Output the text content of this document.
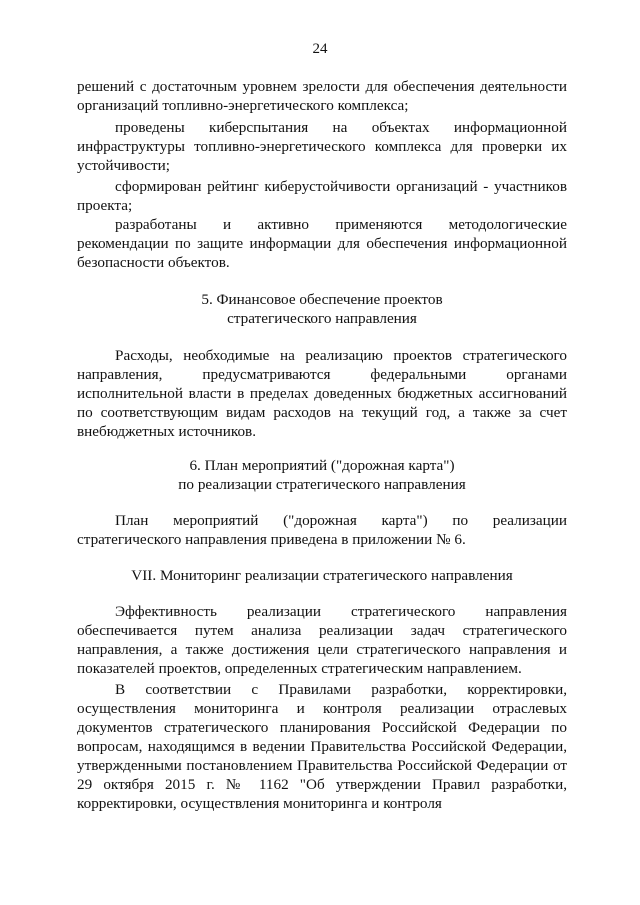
24
решений с достаточным уровнем зрелости для обеспечения деятельности организаций топливно-энергетического комплекса;
проведены киберспытания на объектах информационной инфраструктуры топливно-энергетического комплекса для проверки их устойчивости;
сформирован рейтинг киберустойчивости организаций - участников проекта;
разработаны и активно применяются методологические рекомендации по защите информации для обеспечения информационной безопасности объектов.
5. Финансовое обеспечение проектов
стратегического направления
Расходы, необходимые на реализацию проектов стратегического направления, предусматриваются федеральными органами исполнительной власти в пределах доведенных бюджетных ассигнований по соответствующим видам расходов на текущий год, а также за счет внебюджетных источников.
6. План мероприятий ("дорожная карта")
по реализации стратегического направления
План мероприятий ("дорожная карта") по реализации стратегического направления приведена в приложении № 6.
VII. Мониторинг реализации стратегического направления
Эффективность реализации стратегического направления обеспечивается путем анализа реализации задач стратегического направления, а также достижения цели стратегического направления и показателей проектов, определенных стратегическим направлением.
В соответствии с Правилами разработки, корректировки, осуществления мониторинга и контроля реализации отраслевых документов стратегического планирования Российской Федерации по вопросам, находящимся в ведении Правительства Российской Федерации, утвержденными постановлением Правительства Российской Федерации от 29 октября 2015 г. № 1162 "Об утверждении Правил разработки, корректировки, осуществления мониторинга и контроля
